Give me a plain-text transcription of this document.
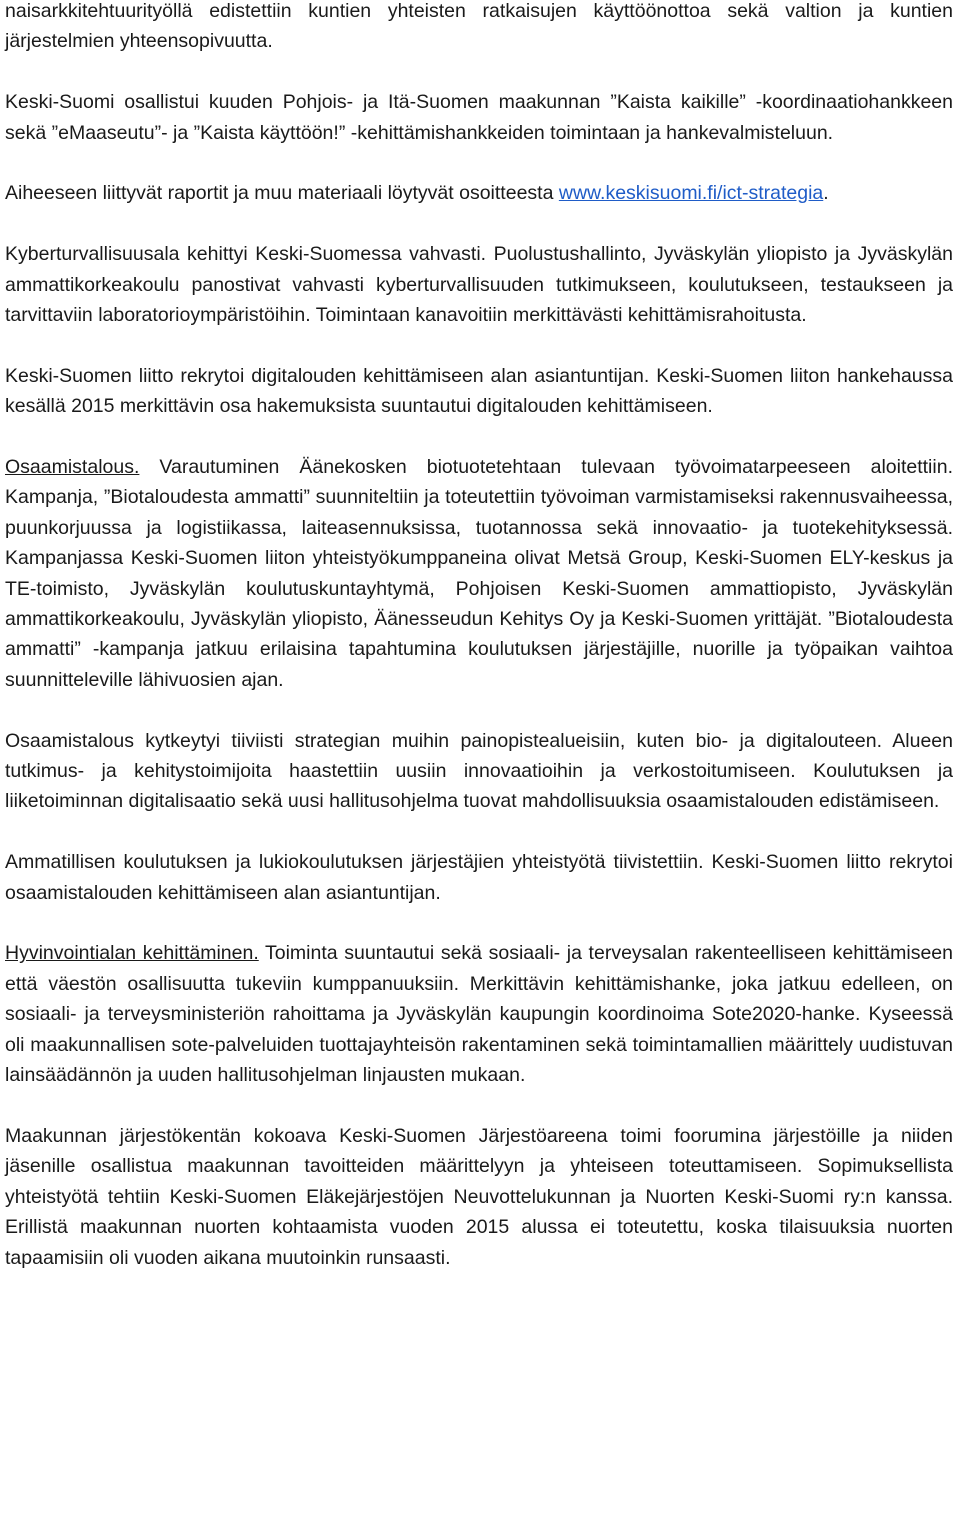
naisarkkitehtuurityöllä edistettiin kuntien yhteisten ratkaisujen käyttöönottoa sekä valtion ja kuntien järjestelmien yhteensopivuutta.

Keski-Suomi osallistui kuuden Pohjois- ja Itä-Suomen maakunnan ”Kaista kaikille” -koordinaatiohankkeen sekä ”eMaaseutu”- ja ”Kaista käyttöön!” -kehittämishankkeiden toimintaan ja hankevalmisteluun.

Aiheeseen liittyvät raportit ja muu materiaali löytyvät osoitteesta www.keskisuomi.fi/ict-strategia.

Kyberturvallisuusala kehittyi Keski-Suomessa vahvasti. Puolustushallinto, Jyväskylän yliopisto ja Jyväskylän ammattikorkeakoulu panostivat vahvasti kyberturvallisuuden tutkimukseen, koulutukseen, testaukseen ja tarvittaviin laboratorioympäristöihin. Toimintaan kanavoitiin merkittävästi kehittämisrahoitusta.

Keski-Suomen liitto rekrytoi digitalouden kehittämiseen alan asiantuntijan. Keski-Suomen liiton hankehaussa kesällä 2015 merkittävin osa hakemuksista suuntautui digitalouden kehittämiseen.

Osaamistalous. Varautuminen Äänekosken biotuotetehtaan tulevaan työvoimatarpeeseen aloitettiin. Kampanja, ”Biotaloudesta ammatti” suunniteltiin ja toteutettiin työvoiman varmistamiseksi rakennusvaiheessa, puunkorjuussa ja logistiikassa, laiteasennuksissa, tuotannossa sekä innovaatio- ja tuotekehityksessä. Kampanjassa Keski-Suomen liiton yhteistyökumppaneina olivat Metsä Group, Keski-Suomen ELY-keskus ja TE-toimisto, Jyväskylän koulutuskuntayhtymä, Pohjoisen Keski-Suomen ammattiopisto, Jyväskylän ammattikorkeakoulu, Jyväskylän yliopisto, Äänesseudun Kehitys Oy ja Keski-Suomen yrittäjät. ”Biotaloudesta ammatti” -kampanja jatkuu erilaisina tapahtumina koulutuksen järjestäjille, nuorille ja työpaikan vaihtoa suunnitteleville lähivuosien ajan.

Osaamistalous kytkeytyi tiiviisti strategian muihin painopistealueisiin, kuten bio- ja digitalouteen. Alueen tutkimus- ja kehitystoimijoita haastettiin uusiin innovaatioihin ja verkostoitumiseen. Koulutuksen ja liiketoiminnan digitalisaatio sekä uusi hallitusohjelma tuovat mahdollisuuksia osaamistalouden edistämiseen.

Ammatillisen koulutuksen ja lukiokoulutuksen järjestäjien yhteistyötä tiivistettiin. Keski-Suomen liitto rekrytoi osaamistalouden kehittämiseen alan asiantuntijan.

Hyvinvointialan kehittäminen. Toiminta suuntautui sekä sosiaali- ja terveysalan rakenteelliseen kehittämiseen että väestön osallisuutta tukeviin kumppanuuksiin. Merkittävin kehittämishanke, joka jatkuu edelleen, on sosiaali- ja terveysministeriön rahoittama ja Jyväskylän kaupungin koordinoima Sote2020-hanke. Kyseessä oli maakunnallisen sote-palveluiden tuottajayhteisön rakentaminen sekä toimintamallien määrittely uudistuvan lainsäädännön ja uuden hallitusohjelman linjausten mukaan.

Maakunnan järjestökentän kokoava Keski-Suomen Järjestöareena toimi foorumina järjestöille ja niiden jäsenille osallistua maakunnan tavoitteiden määrittelyyn ja yhteiseen toteuttamiseen. Sopimuksellista yhteistyötä tehtiin Keski-Suomen Eläkejärjestöjen Neuvottelukunnan ja Nuorten Keski-Suomi ry:n kanssa. Erillistä maakunnan nuorten kohtaamista vuoden 2015 alussa ei toteutettu, koska tilaisuuksia nuorten tapaamisiin oli vuoden aikana muutoinkin runsaasti.
